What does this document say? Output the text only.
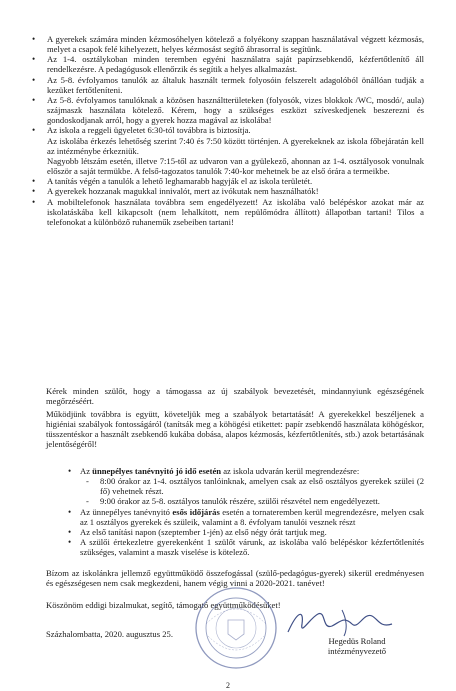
• A gyerekek számára minden kézmosóhelyen kötelező a folyékony szappan használatával végzett kézmosás, melyet a csapok felé kihelyezett, helyes kézmosást segítő ábrasorral is segítünk.
• Az 1-4. osztálykoban minden teremben egyéni használatra saját papírzsebkendő, kézfertőtlenítő áll rendelkezésre. A pedagógusok ellenőrzik és segítik a helyes alkalmazást.
• Az 5-8. évfolyamos tanulók az általuk használt termek folyosóin felszerelt adagolóból önállóan tudják a kezüket fertőtleníteni.
• Az 5-8. évfolyamos tanulóknak a közösen használtterületeken (folyosók, vizes blokkok /WC, mosdó/, aula) szájmaszk használata kötelező. Kérem, hogy a szükséges eszközt szíveskedjenek beszerezni és gondoskodjanak arról, hogy a gyerek hozza magával az iskolába!
• Az iskola a reggeli ügyeletet 6:30-tól továbbra is biztosítja.
Az iskolába érkezés lehetőség szerint 7:40 és 7:50 között történjen. A gyerekeknek az iskola főbejáratán kell az intézménybe érkezniük.
Nagyobb létszám esetén, illetve 7:15-től az udvaron van a gyülekező, ahonnan az 1-4. osztályosok vonulnak először a saját termükbe. A felső-tagozatos tanulók 7:40-kor mehetnek be az első órára a termeikbe.
• A tanítás végén a tanulók a lehető leghamarabb hagyják el az iskola területét.
• A gyerekek hozzanak magukkal innivalót, mert az ivókutak nem használhatók!
• A mobiltelefonok használata továbbra sem engedélyezett! Az iskolába való belépéskor azokat már az iskolatáskába kell kikapcsolt (nem lehalkított, nem repülőmódra állított) állapotban tartani! Tilos a telefonokat a különböző ruhaneműk zsebeiben tartani!
Kérek minden szülőt, hogy a támogassa az új szabályok bevezetését, mindannyiunk egészségének megőrzéséért.
Működjünk továbbra is együtt, követeljük meg a szabályok betartatását! A gyerekekkel beszéljenek a higiéniai szabályok fontosságáról (tanítsák meg a köhögési etikettet: papír zsebkendő használata köhögéskor, tüsszentéskor a használt zsebkendő kukába dobása, alapos kézmosás, kézfertőtlenítés, stb.) azok betartásának jelentőségéről!
• Az ünnepélyes tanévnyitó jó idő esetén az iskola udvarán kerül megrendezésre:
- 8:00 órakor az 1-4. osztályos tanlóinknak, amelyen csak az első osztályos gyerekek szülei (2 fő) vehetnek részt.
- 9:00 órakor az 5-8. osztályos tanulók részére, szülői részvétel nem engedélyezett.
• Az ünnepélyes tanévnyitó esős időjárás esetén a tornateremben kerül megrendezésre, melyen csak az 1 osztályos gyerekek és szüleik, valamint a 8. évfolyam tanulói vesznek részt
• Az első tanítási napon (szeptember 1-jén) az első négy órát tartjuk meg.
• A szülői értekezletre gyerekenként 1 szülőt várunk, az iskolába való belépéskor kézfertőtlenítés szükséges, valamint a maszk viselése is kötelező.
Bízom az iskolánkra jellemző együttműködő összefogással (szülő-pedagógus-gyerek) sikerül eredményesen és egészségesen nem csak megkezdeni, hanem végig vinni a 2020-2021. tanévet!
Köszönöm eddigi bizalmukat, segítő, támogató együttműködésüket!
Százhalombatta, 2020. augusztus 25.
Hegedüs Roland
intézményvezető
2
